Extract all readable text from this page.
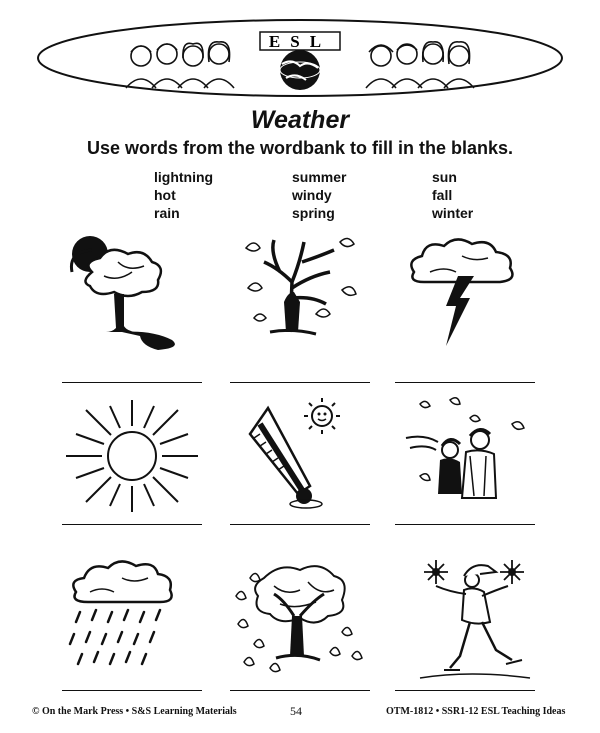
ESL
Weather
Use words from the wordbank to fill in the blanks.
lightning
hot
rain
summer
windy
spring
sun
fall
winter
© On the Mark Press • S&S Learning Materials	54	OTM-1812 • SSR1-12 ESL Teaching Ideas
